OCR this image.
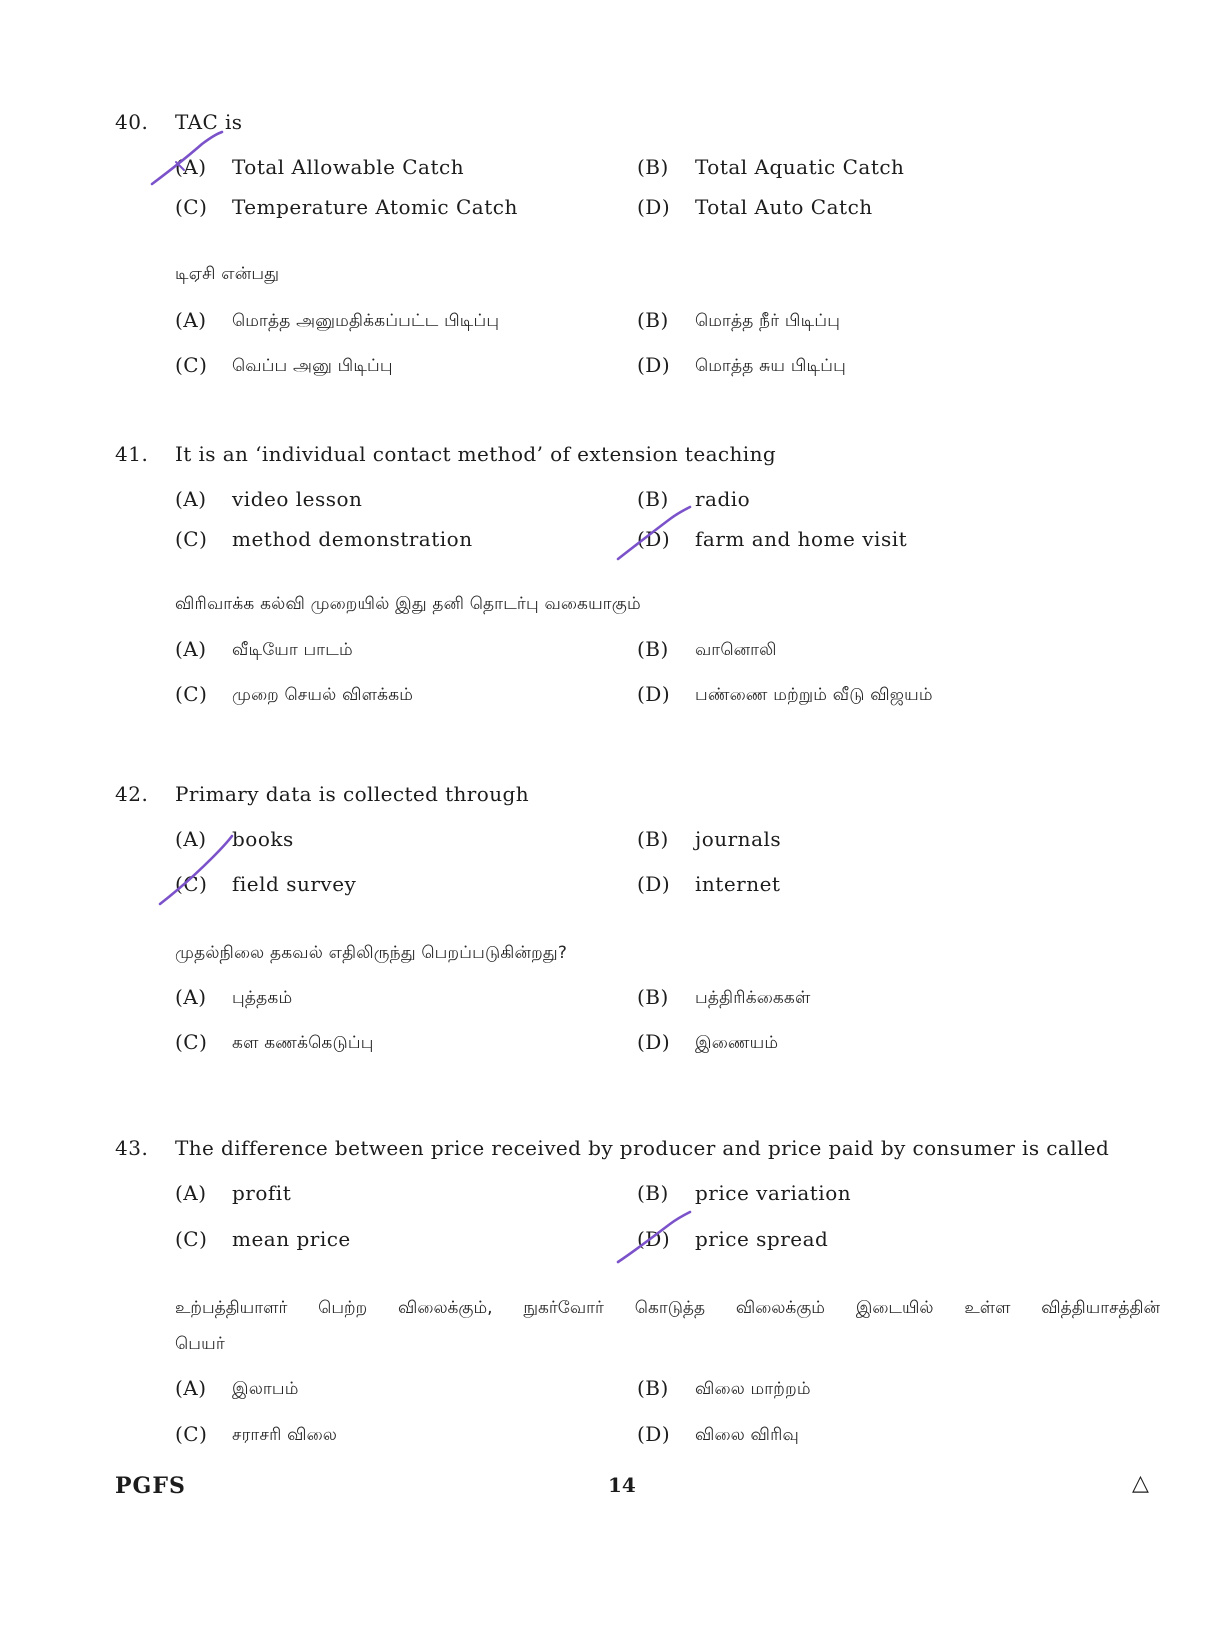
40. TAC is
(A) Total Allowable Catch	(B) Total Aquatic Catch
(C) Temperature Atomic Catch	(D) Total Auto Catch
டிஏசி என்பது
(A) மொத்த அனுமதிக்கப்பட்ட பிடிப்பு	(B) மொத்த நீர் பிடிப்பு
(C) வெப்ப அனு பிடிப்பு	(D) மொத்த சுய பிடிப்பு
41. It is an ‘individual contact method’ of extension teaching
(A) video lesson	(B) radio
(C) method demonstration	(D) farm and home visit
விரிவாக்க கல்வி முறையில் இது தனி தொடர்பு வகையாகும்
(A) வீடியோ பாடம்	(B) வானொலி
(C) முறை செயல் விளக்கம்	(D) பண்ணை மற்றும் வீடு விஜயம்
42. Primary data is collected through
(A) books	(B) journals
(C) field survey	(D) internet
முதல்நிலை தகவல் எதிலிருந்து பெறப்படுகின்றது?
(A) புத்தகம்	(B) பத்திரிக்கைகள்
(C) கள கணக்கெடுப்பு	(D) இணையம்
43. The difference between price received by producer and price paid by consumer is called
(A) profit	(B) price variation
(C) mean price	(D) price spread
உற்பத்தியாளர் பெற்ற விலைக்கும், நுகர்வோர் கொடுத்த விலைக்கும் இடையில் உள்ள வித்தியாசத்தின்
பெயர்
(A) இலாபம்	(B) விலை மாற்றம்
(C) சராசரி விலை	(D) விலை விரிவு
PGFS	14	△
